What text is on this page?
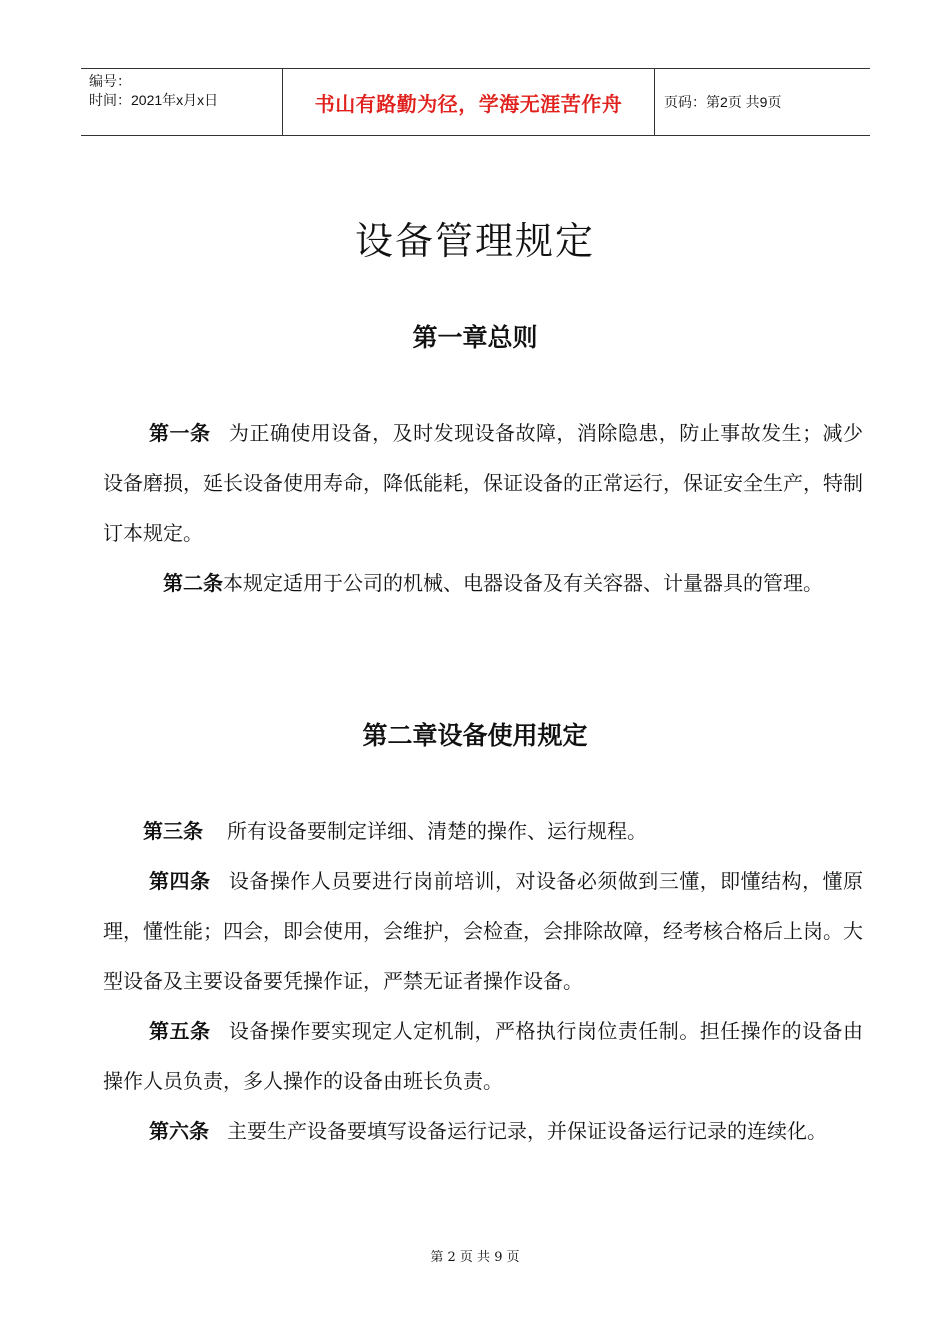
编号：
时间：2021年x月x日	书山有路勤为径，学海无涯苦作舟	页码：第2页 共9页
设备管理规定
第一章总则
第一条 为正确使用设备，及时发现设备故障，消除隐患，防止事故发生；减少设备磨损，延长设备使用寿命，降低能耗，保证设备的正常运行，保证安全生产，特制订本规定。
第二条本规定适用于公司的机械、电器设备及有关容器、计量器具的管理。
第二章设备使用规定
第三条 所有设备要制定详细、清楚的操作、运行规程。
第四条 设备操作人员要进行岗前培训，对设备必须做到三懂，即懂结构，懂原理，懂性能；四会，即会使用，会维护，会检查，会排除故障，经考核合格后上岗。大型设备及主要设备要凭操作证，严禁无证者操作设备。
第五条 设备操作要实现定人定机制，严格执行岗位责任制。担任操作的设备由操作人员负责，多人操作的设备由班长负责。
第六条 主要生产设备要填写设备运行记录，并保证设备运行记录的连续化。
第 2 页 共 9 页
